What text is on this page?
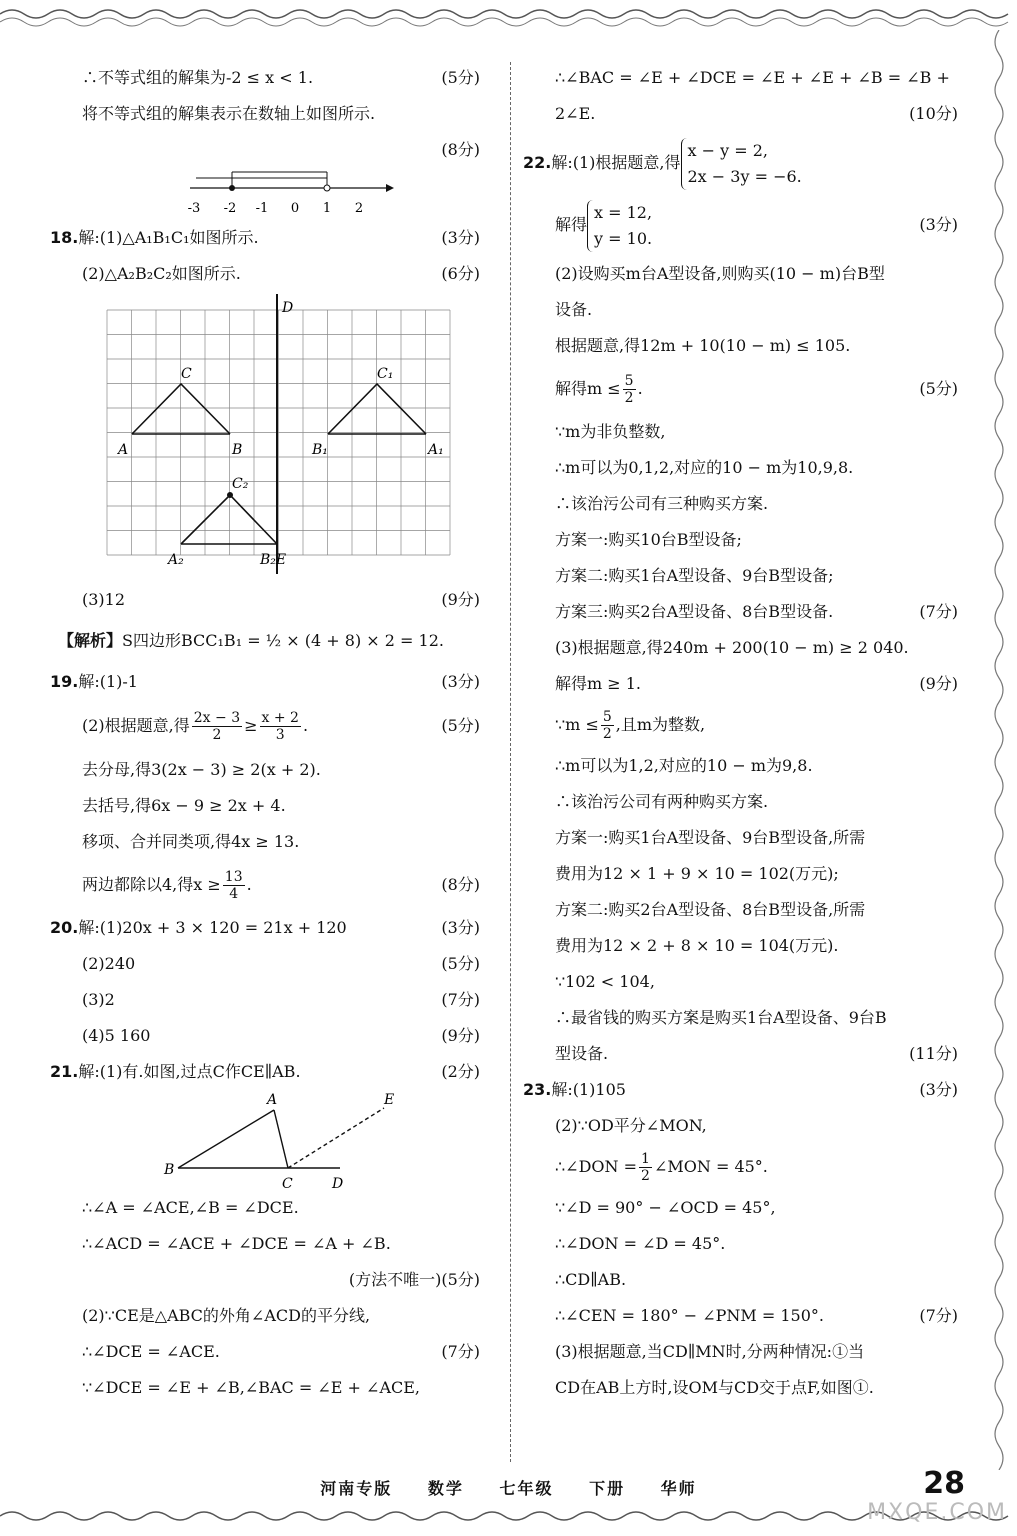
∴不等式组的解集为-2 ≤ x < 1.	(5分)
将不等式组的解集表示在数轴上如图所示.
(8分)
-3 -2 -1 0 1 2
18.解:(1)△A₁B₁C₁如图所示.	(3分)
(2)△A₂B₂C₂如图所示.	(6分)
D
C
A	B
C₁
B₁	A₁
C₂
A₂	B₂E
(3)12	(9分)
【解析】S四边形BCC₁B₁ = ½ × (4 + 8) × 2 = 12.
19.解:(1)-1	(3分)
(2)根据题意,得 $\frac{2x - 3}{2} \ge \frac{x + 2}{3}$ .	(5分)
去分母,得3(2x − 3) ≥ 2(x + 2).
去括号,得6x − 9 ≥ 2x + 4.
移项、合并同类项,得4x ≥ 13.
两边都除以4,得$x \ge \frac{13}{4}$ .	(8分)
20.解:(1)20x + 3 × 120 = 21x + 120	(3分)
(2)240	(5分)
(3)2	(7分)
(4)5 160	(9分)
21.解:(1)有.如图,过点C作CE∥AB.	(2分)
A	E
B
C	D
∴∠A = ∠ACE,∠B = ∠DCE.
∴∠ACD = ∠ACE + ∠DCE = ∠A + ∠B.
(方法不唯一)(5分)
(2)∵CE是△ABC的外角∠ACD的平分线,
∴∠DCE = ∠ACE.	(7分)
∵∠DCE = ∠E + ∠B,∠BAC = ∠E + ∠ACE,
∴∠BAC = ∠E + ∠DCE = ∠E + ∠E + ∠B = ∠B +
2∠E.	(10分)
22.解:(1)根据题意,得
x − y = 2,
2x − 3y = −6.
解得
x = 12,
y = 10.
(3分)
(2)设购买m台A型设备,则购买(10 − m)台B型
设备.
根据题意,得12m + 10(10 − m) ≤ 105.
解得$m \le \frac{5}{2}$ .	(5分)
∵m为非负整数,
∴m可以为0,1,2,对应的10 − m为10,9,8.
∴该治污公司有三种购买方案.
方案一:购买10台B型设备;
方案二:购买1台A型设备、9台B型设备;
方案三:购买2台A型设备、8台B型设备.	(7分)
(3)根据题意,得240m + 200(10 − m) ≥ 2 040.
解得m ≥ 1.	(9分)
∵m ≤ $\frac{5}{2}$ ,且m为整数,
∴m可以为1,2,对应的10 − m为9,8.
∴该治污公司有两种购买方案.
方案一:购买1台A型设备、9台B型设备,所需
费用为12 × 1 + 9 × 10 = 102(万元);
方案二:购买2台A型设备、8台B型设备,所需
费用为12 × 2 + 8 × 10 = 104(万元).
∵102 < 104,
∴最省钱的购买方案是购买1台A型设备、9台B
型设备.	(11分)
23.解:(1)105	(3分)
(2)∵OD平分∠MON,
∴∠DON = $\frac{1}{2}$ ∠MON = 45°.
∵∠D = 90° − ∠OCD = 45°,
∴∠DON = ∠D = 45°.
∴CD∥AB.
∴∠CEN = 180° − ∠PNM = 150°.	(7分)
(3)根据题意,当CD∥MN时,分两种情况:①当
CD在AB上方时,设OM与CD交于点F,如图①.
河南专版 数学 七年级 下册 华师	28
MXQE.COM
